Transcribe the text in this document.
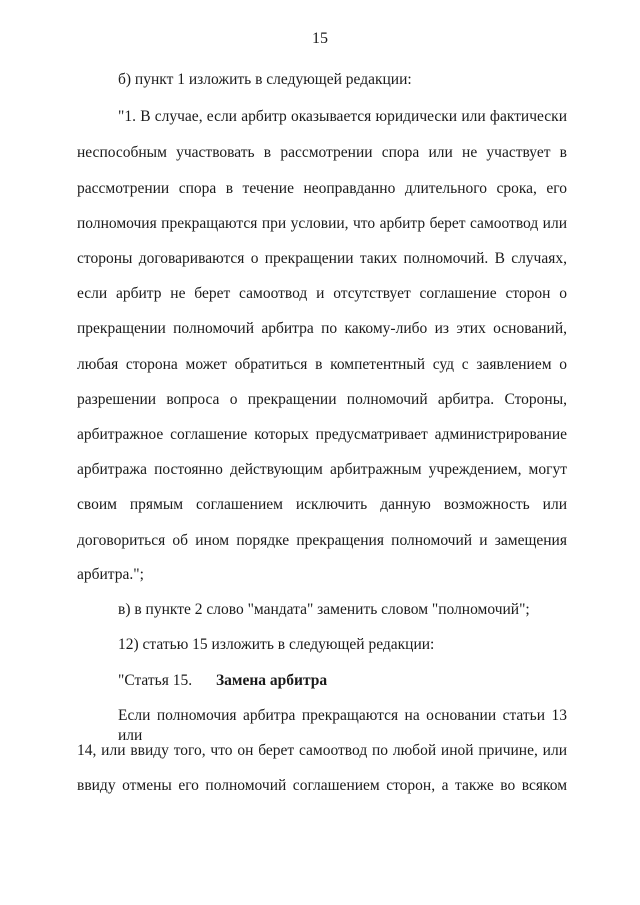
15
б) пункт 1 изложить в следующей редакции:
"1. В случае, если арбитр оказывается юридически или фактически
неспособным участвовать в рассмотрении спора или не участвует в
рассмотрении спора в течение неоправданно длительного срока, его
полномочия прекращаются при условии, что арбитр берет самоотвод или
стороны договариваются о прекращении таких полномочий. В случаях,
если арбитр не берет самоотвод и отсутствует соглашение сторон о
прекращении полномочий арбитра по какому-либо из этих оснований,
любая сторона может обратиться в компетентный суд с заявлением о
разрешении вопроса о прекращении полномочий арбитра. Стороны,
арбитражное соглашение которых предусматривает администрирование
арбитража постоянно действующим арбитражным учреждением, могут
своим прямым соглашением исключить данную возможность или
договориться об ином порядке прекращения полномочий и замещения
арбитра.";
в) в пункте 2 слово "мандата" заменить словом "полномочий";
12) статью 15 изложить в следующей редакции:
"Статья 15. Замена арбитра
Если полномочия арбитра прекращаются на основании статьи 13 или
14, или ввиду того, что он берет самоотвод по любой иной причине, или
ввиду отмены его полномочий соглашением сторон, а также во всяком
